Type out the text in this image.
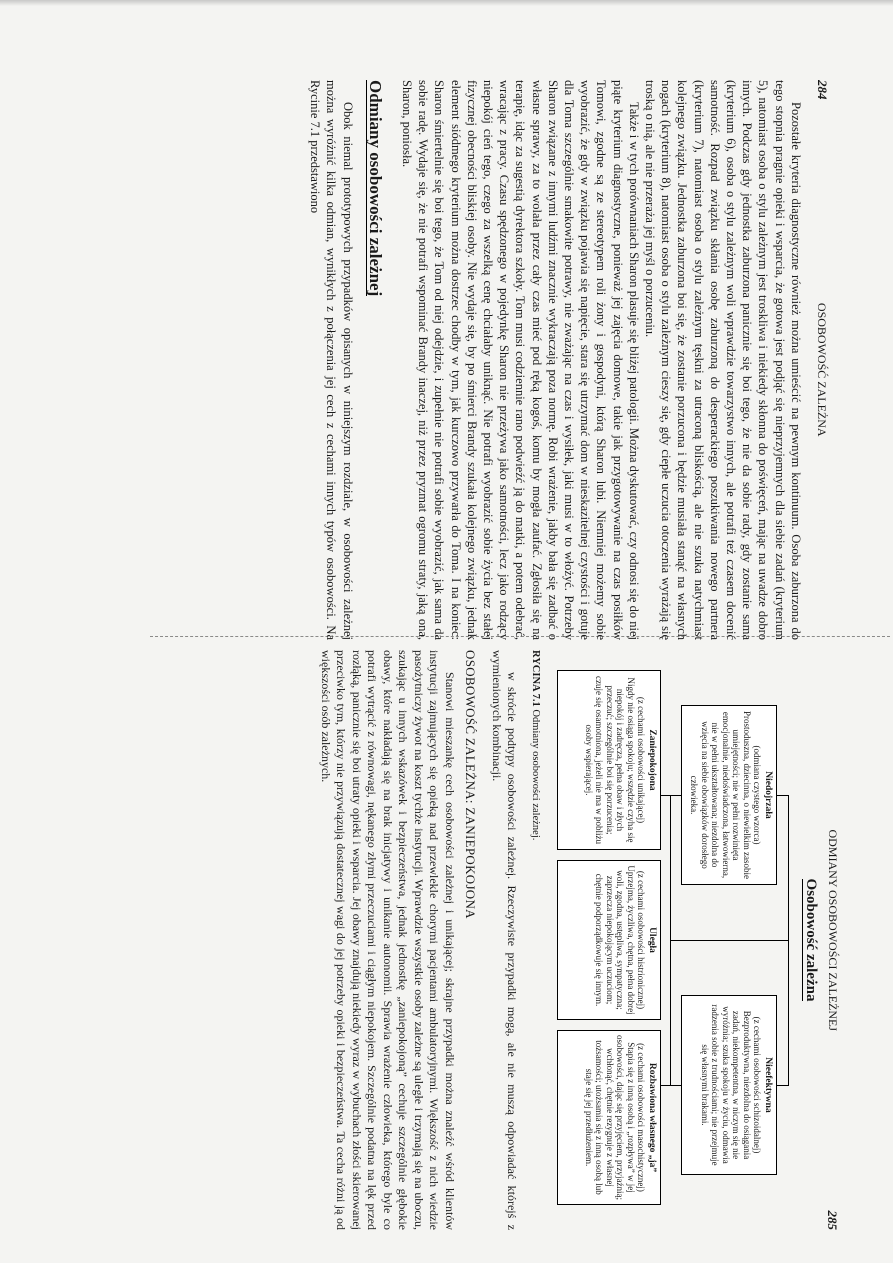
284
OSOBOWOŚĆ ZALEŻNA

Pozostałe kryteria diagnostyczne również można umieścić na pewnym kontinuum. Osoba zaburzona do tego stopnia pragnie opieki i wsparcia, że gotowa jest podjąć się nieprzyjemnych dla siebie zadań (kryterium 5), natomiast osoba o stylu zależnym jest troskliwa i niekiedy skłonna do poświęceń, mając na uwadze dobro innych. Podczas gdy jednostka zaburzona panicznie się boi tego, że nie da sobie rady, gdy zostanie sama (kryterium 6), osoba o stylu zależnym woli wprawdzie towarzystwo innych, ale potrafi też czasem docenić samotność. Rozpad związku skłania osobę zaburzoną do desperackiego poszukiwania nowego partnera (kryterium 7), natomiast osoba o stylu zależnym tęskni za utraconą bliskością, ale nie szuka natychmiast kolejnego związku. Jednostka zaburzona boi się, że zostanie porzucona i będzie musiała stanąć na własnych nogach (kryterium 8), natomiast osoba o stylu zależnym cieszy się, gdy ciepłe uczucia otoczenia wyrażają się troską o nią, ale nie przeraża jej myśl o porzuceniu.

Także i w tych porównaniach Sharon plasuje się bliżej patologii. Można dyskutować, czy odnosi się do niej piąte kryterium diagnostyczne, ponieważ jej zajęcia domowe, takie jak przygotowywanie na czas posiłków Tomowi, zgodne są ze stereotypem roli żony i gospodyni, którą Sharon lubi. Niemniej możemy sobie wyobrazić, że gdy w związku pojawia się napięcie, stara się utrzymać dom w nieskazitelnej czystości i gotuje dla Toma szczególnie smakowite potrawy, nie zważając na czas i wysiłek, jaki musi w to włożyć. Potrzeby Sharon związane z innymi ludźmi znacznie wykraczają poza normę. Robi wrażenie, jakby bała się zadbać o własne sprawy, za to wolała przez cały czas mieć pod ręką kogoś, komu by mogła zaufać. Zgłosiła się na terapię, idąc za sugestią dyrektora szkoły. Tom musi codziennie rano podwieźć ją do matki, a potem odebrać, wracając z pracy. Czasu spędzonego w pojedynkę Sharon nie przeżywa jako samotności, lecz jako rodzący niepokój cień tego, czego za wszelką cenę chciałaby uniknąć. Nie potrafi wyobrazić sobie życia bez stałej fizycznej obecności bliskiej osoby. Nie wydaje się, by po śmierci Brandy szukała kolejnego związku, jednak element siódmego kryterium można dostrzec chodby w tym, jak kurczowo przywarła do Toma. I na koniec: Sharon śmiertelnie się boi tego, że Tom od niej odejdzie, i zupełnie nie potrafi sobie wyobrazić, jak sama da sobie radę. Wydaje się, że nie potrafi wspominać Brandy inaczej, niż przez pryzmat ogromu straty, jaką ona, Sharon, poniosła.

Odmiany osobowości zależnej

Obok niemal prototypowych przypadków opisanych w niniejszym rozdziale, w osobowości zależnej można wyróżnić kilka odmian, wynikłych z połączenia jej cech z cechami innych typów osobowości. Na Rycinie 7.1 przedstawiono

ODMIANY OSOBOWOŚCI ZALEŻNEJ
285
Osobowość zależna
Niedojrzała
(odmiana czystego wzorca)
Prostoduszna, dziecinna, o niewielkim zasobie umiejętności; nie w pełni rozwinięta emocjonalnie, niedoświadczona, łatwowierna, nie w pełni ukształtowana; niezdolna do wzięcia na siebie obowiązków dorosłego człowieka.
Nieefektywna
(z cechami osobowości schizoidalnej)
Bezproduktywna, niezdolna do osiągania zadań, niekompetentna, w niczym się nie wyróżnia; szuka spokoju w życiu, odmawia radzenia sobie z trudnościami; nie przejmuje się własnymi brakami.
Zaniepokojona
(z cechami osobowości unikającej)
Nigdy nie osiąga spokoju; wszędzie czyha się niepokój i zadręcza, pełna obaw i złych przeczuć; szczególnie boi się porzucenia; czuje się osamotniona, jeżeli nie ma w pobliżu osoby wspierającej.
Uległa
(z cechami osobowości histrionicznej)
Uprzejma, życzliwa, chętna, pełna dobrej woli, zgodna, ustępliwa, sympatyczna; zaprzecza niepokojącym uczuciom; chętnie podporządkowuje się innym.
Rozbawiona własnego „ja”
(z cechami osobowości masochistycznej)
Stapia się z inną osobą i „rozpływa” w jej osobowości, dając się przyjęciem, przyjaźnią; wchłonąć, chętnie rezygnuje z własnej tożsamości; utożsamia się z inną osobą lub staje się jej przedłużeniem.
RYCINA 7.1 Odmiany osobowości zależnej.

w skrócie podtypy osobowości zależnej. Rzeczywiste przypadki mogą, ale nie muszą odpowiadać którejś z wymienionych kombinacji.

OSOBOWOŚĆ ZALEŻNA: ZANIEPOKOJONA

Stanowi mieszankę cech osobowości zależnej i unikającej; skrajne przypadki można znaleźć wśród klientów instytucji zajmujących się opieką nad przewlekle chorymi pacjentami ambulatoryjnymi. Większość z nich wiedzie pasożytniczy żywot na koszt tychże instytucji. Wprawdzie wszystkie osoby zależne są uległe i trzymają się na uboczu, szukając u innych wskazówek i bezpieczeństwa, jednak jednostkę „zaniepokojoną” cechuje szczególnie głębokie obawy, które nakładają się na brak inicjatywy i unikanie autonomii. Sprawia wrażenie człowieka, którego byle co potrafi wytrącić z równowagi, nękanego złymi przeczuciami i ciągłym niepokojem. Szczególnie podatna na lęk przed rozłąką, panicznie się boi utraty opieki i wsparcia. Jej obawy znajdują niekiedy wyraz w wybuchach złości skierowanej przeciwko tym, którzy nie przywiązują dostatecznej wagi do jej potrzeby opieki i bezpieczeństwa. Ta cecha różni ją od większości osób zależnych.
